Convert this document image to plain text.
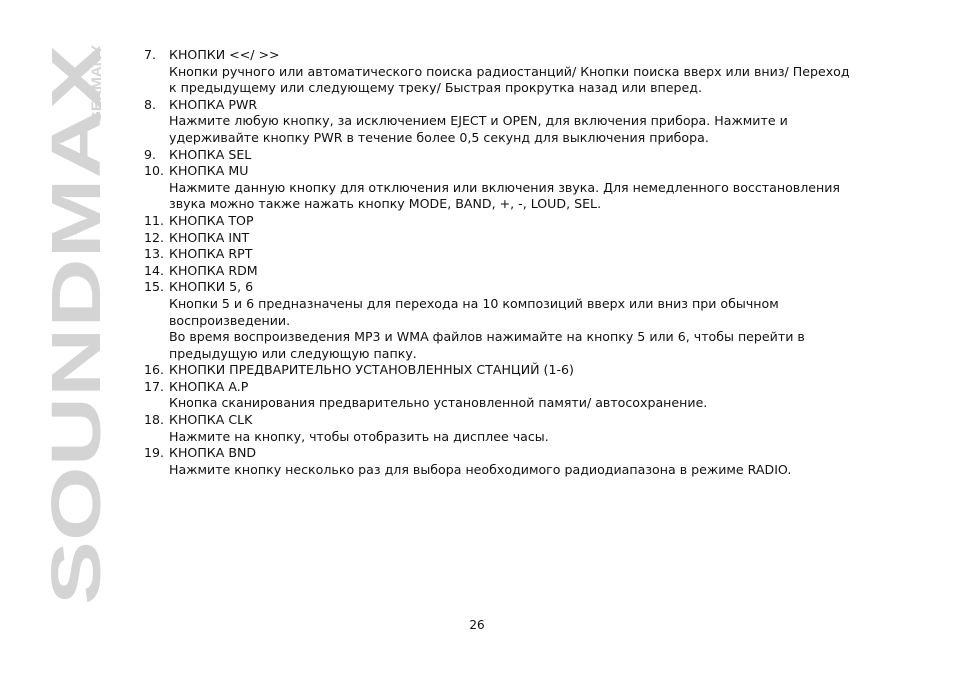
SOUNDMAX
GERMANY	7.	КНОПКИ <</ >>
Кнопки ручного или автоматического поиска радиостанций/ Кнопки поиска вверх или вниз/ Переход
к предыдущему или следующему треку/ Быстрая прокрутка назад или вперед.
8.	КНОПКА PWR
Нажмите любую кнопку, за исключением EJECT и OPEN, для включения прибора. Нажмите и
удерживайте кнопку PWR в течение более 0,5 секунд для выключения прибора.
9.	КНОПКА SEL
10. КНОПКА MU
Нажмите данную кнопку для отключения или включения звука. Для немедленного восстановления
звука можно также нажать кнопку MODE, BAND, +, -, LOUD, SEL.
11. КНОПКА TOP
12. КНОПКА INT
13. КНОПКА RPT
14. КНОПКА RDM
15. КНОПКИ 5, 6
Кнопки 5 и 6 предназначены для перехода на 10 композиций вверх или вниз при обычном
воспроизведении.
Во время воспроизведения MP3 и WMA файлов нажимайте на кнопку 5 или 6, чтобы перейти в
предыдущую или следующую папку.
16. КНОПКИ ПРЕДВАРИТЕЛЬНО УСТАНОВЛЕННЫХ СТАНЦИЙ (1-6)
17. КНОПКА A.P
Кнопка сканирования предварительно установленной памяти/ автосохранение.
18. КНОПКА CLK
Нажмите на кнопку, чтобы отобразить на дисплее часы.
19. КНОПКА BND
Нажмите кнопку несколько раз для выбора необходимого радиодиапазона в режиме RADIO.
26
